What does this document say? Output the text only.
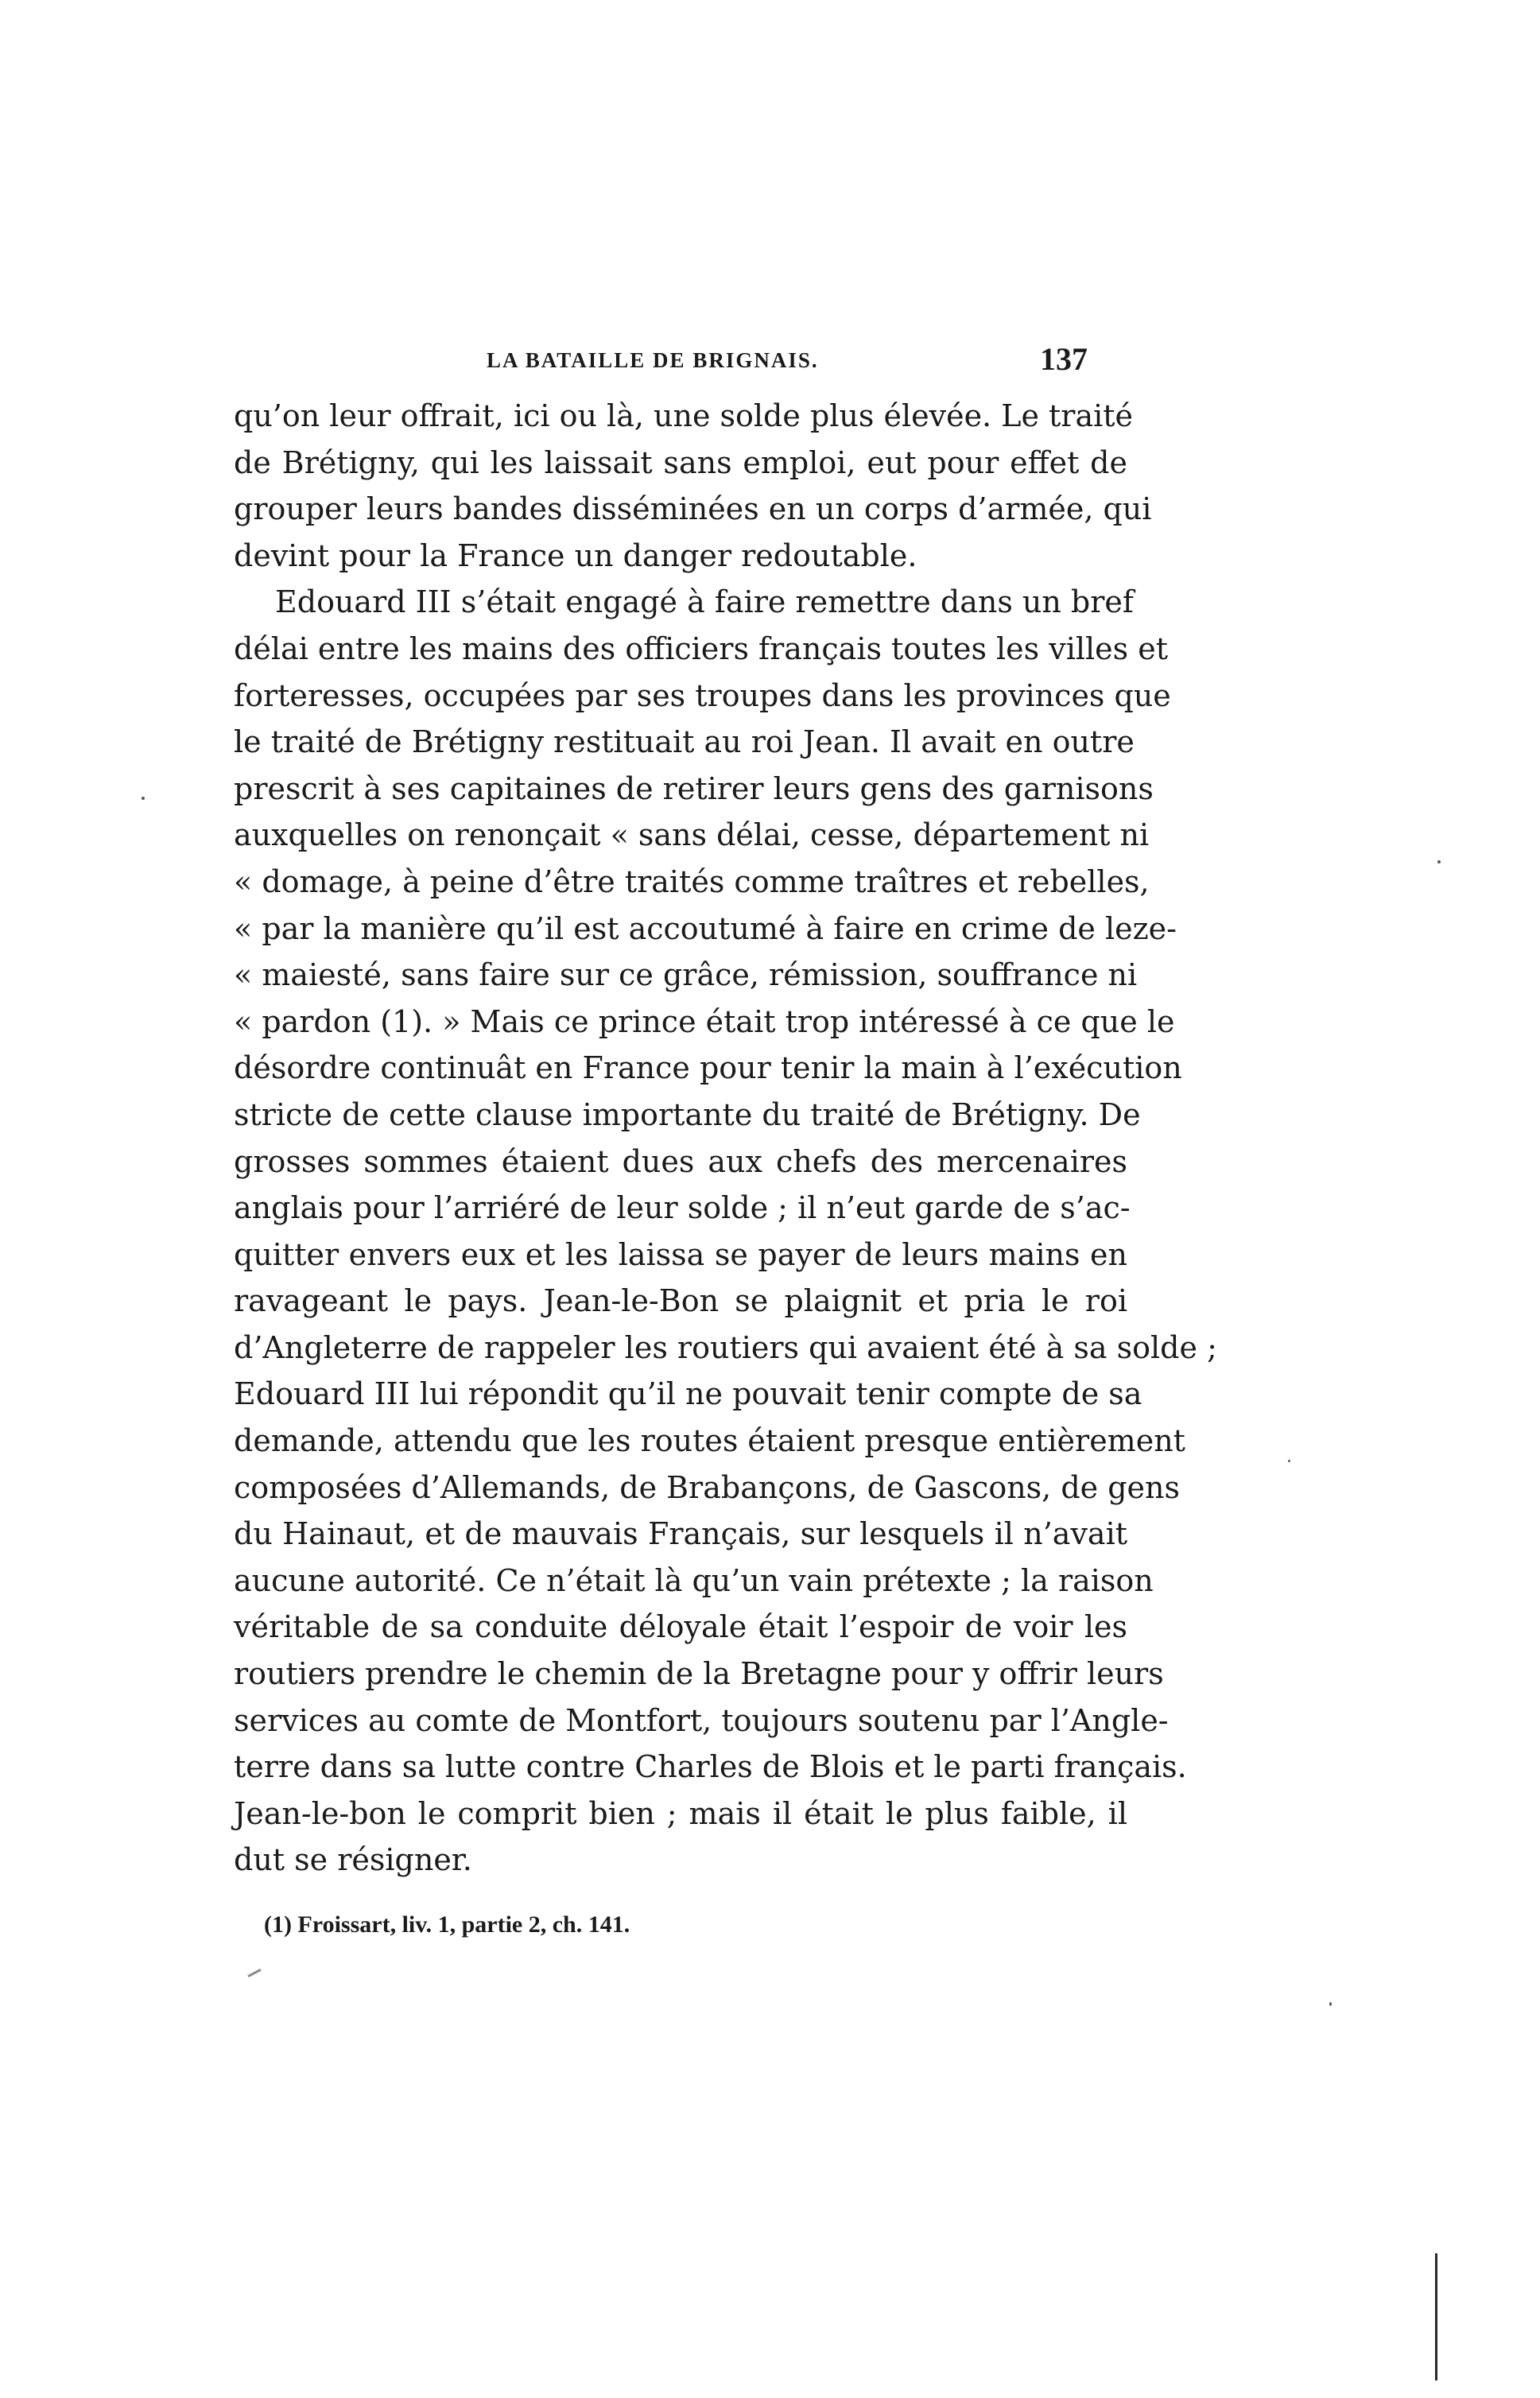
LA BATAILLE DE BRIGNAIS.	137
qu’on leur offrait, ici ou là, une solde plus élevée. Le traité
de Brétigny, qui les laissait sans emploi, eut pour effet de
grouper leurs bandes disséminées en un corps d’armée, qui
devint pour la France un danger redoutable.
Edouard III s’était engagé à faire remettre dans un bref
délai entre les mains des officiers français toutes les villes et
forteresses, occupées par ses troupes dans les provinces que
le traité de Brétigny restituait au roi Jean. Il avait en outre
prescrit à ses capitaines de retirer leurs gens des garnisons
auxquelles on renonçait « sans délai, cesse, département ni
« domage, à peine d’être traités comme traîtres et rebelles,
« par la manière qu’il est accoutumé à faire en crime de leze-
« maiesté, sans faire sur ce grâce, rémission, souffrance ni
« pardon (1). » Mais ce prince était trop intéressé à ce que le
désordre continuât en France pour tenir la main à l’exécution
stricte de cette clause importante du traité de Brétigny. De
grosses sommes étaient dues aux chefs des mercenaires
anglais pour l’arriéré de leur solde ; il n’eut garde de s’ac-
quitter envers eux et les laissa se payer de leurs mains en
ravageant le pays. Jean-le-Bon se plaignit et pria le roi
d’Angleterre de rappeler les routiers qui avaient été à sa solde ;
Edouard III lui répondit qu’il ne pouvait tenir compte de sa
demande, attendu que les routes étaient presque entièrement
composées d’Allemands, de Brabançons, de Gascons, de gens
du Hainaut, et de mauvais Français, sur lesquels il n’avait
aucune autorité. Ce n’était là qu’un vain prétexte ; la raison
véritable de sa conduite déloyale était l’espoir de voir les
routiers prendre le chemin de la Bretagne pour y offrir leurs
services au comte de Montfort, toujours soutenu par l’Angle-
terre dans sa lutte contre Charles de Blois et le parti français.
Jean-le-bon le comprit bien ; mais il était le plus faible, il
dut se résigner.
(1) Froissart, liv. 1, partie 2, ch. 141.
